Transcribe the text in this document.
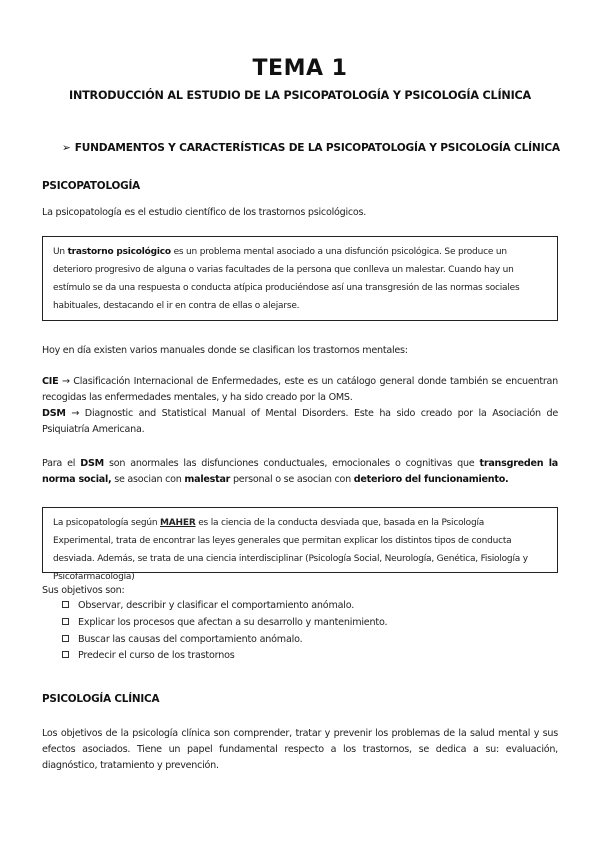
TEMA 1
INTRODUCCIÓN AL ESTUDIO DE LA PSICOPATOLOGÍA Y PSICOLOGÍA CLÍNICA
➢ FUNDAMENTOS Y CARACTERÍSTICAS DE LA PSICOPATOLOGÍA Y PSICOLOGÍA CLÍNICA
PSICOPATOLOGÍA
La psicopatología es el estudio científico de los trastornos psicológicos.
Un trastorno psicológico es un problema mental asociado a una disfunción psicológica. Se produce un deterioro progresivo de alguna o varias facultades de la persona que conlleva un malestar. Cuando hay un estímulo se da una respuesta o conducta atípica produciéndose así una transgresión de las normas sociales habituales, destacando el ir en contra de ellas o alejarse.
Hoy en día existen varios manuales donde se clasifican los trastornos mentales:
CIE → Clasificación Internacional de Enfermedades, este es un catálogo general donde también se encuentran recogidas las enfermedades mentales, y ha sido creado por la OMS.
DSM → Diagnostic and Statistical Manual of Mental Disorders. Este ha sido creado por la Asociación de Psiquiatría Americana.
Para el DSM son anormales las disfunciones conductuales, emocionales o cognitivas que transgreden la norma social, se asocian con malestar personal o se asocian con deterioro del funcionamiento.
La psicopatología según MAHER es la ciencia de la conducta desviada que, basada en la Psicología Experimental, trata de encontrar las leyes generales que permitan explicar los distintos tipos de conducta desviada. Además, se trata de una ciencia interdisciplinar (Psicología Social, Neurología, Genética, Fisiología y Psicofarmacología)
Sus objetivos son:
Observar, describir y clasificar el comportamiento anómalo.
Explicar los procesos que afectan a su desarrollo y mantenimiento.
Buscar las causas del comportamiento anómalo.
Predecir el curso de los trastornos
PSICOLOGÍA CLÍNICA
Los objetivos de la psicología clínica son comprender, tratar y prevenir los problemas de la salud mental y sus efectos asociados. Tiene un papel fundamental respecto a los trastornos, se dedica a su: evaluación, diagnóstico, tratamiento y prevención.
